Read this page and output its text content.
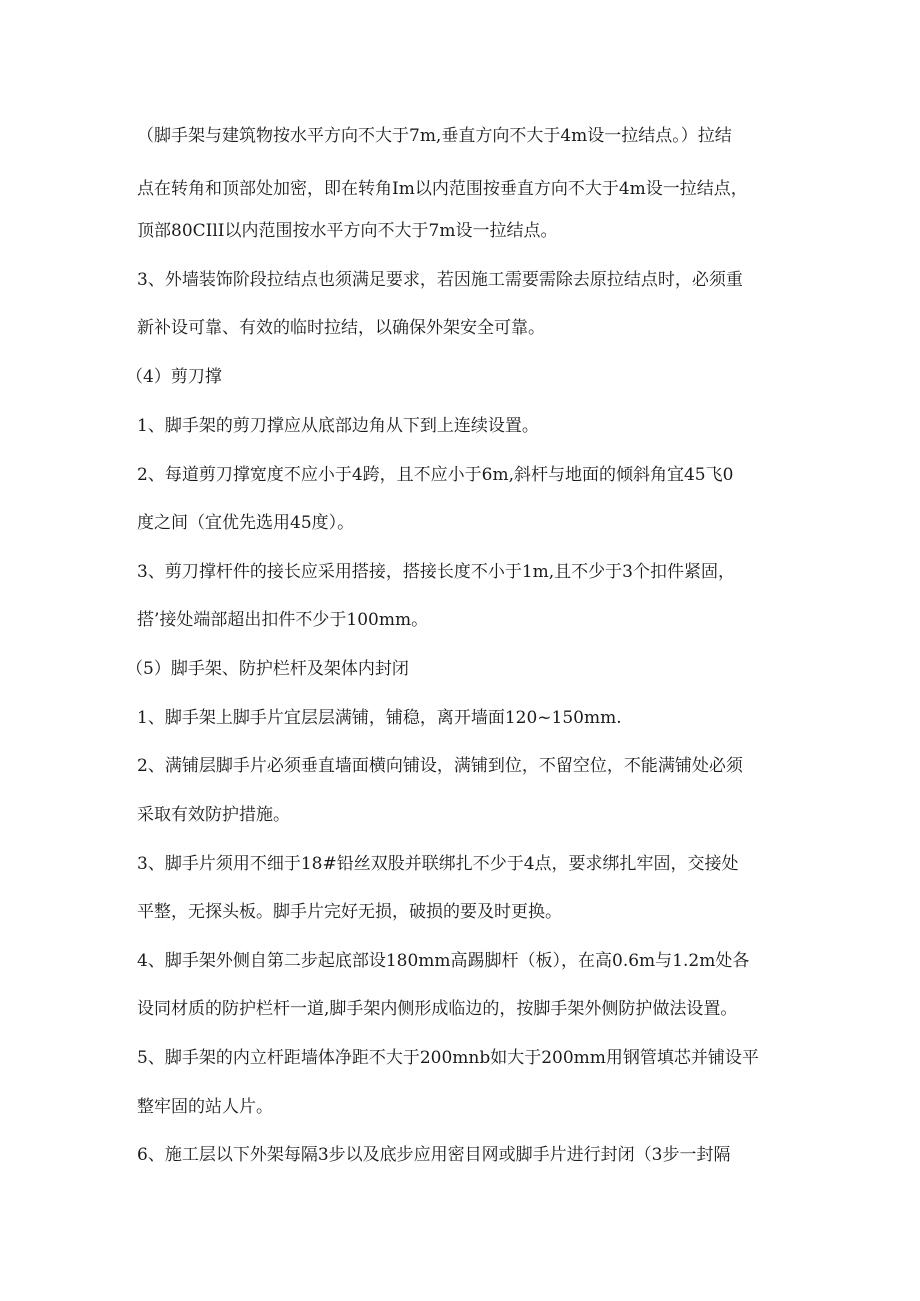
（脚手架与建筑物按水平方向不大于7m,垂直方向不大于4m设一拉结点。）拉结
点在转角和顶部处加密，即在转角Im以内范围按垂直方向不大于4m设一拉结点，
顶部80CIlI以内范围按水平方向不大于7m设一拉结点。
3、外墙装饰阶段拉结点也须满足要求，若因施工需要需除去原拉结点时，必须重
新补设可靠、有效的临时拉结，以确保外架安全可靠。
（4）剪刀撑
1、脚手架的剪刀撑应从底部边角从下到上连续设置。
2、每道剪刀撑宽度不应小于4跨，且不应小于6m,斜杆与地面的倾斜角宜45飞0
度之间（宜优先选用45度）。
3、剪刀撑杆件的接长应采用搭接，搭接长度不小于1m,且不少于3个扣件紧固，
搭’接处端部超出扣件不少于100mm。
（5）脚手架、防护栏杆及架体内封闭
1、脚手架上脚手片宜层层满铺，铺稳，离开墙面120~150mm.
2、满铺层脚手片必须垂直墙面横向铺设，满铺到位，不留空位，不能满铺处必须
采取有效防护措施。
3、脚手片须用不细于18#铅丝双股并联绑扎不少于4点，要求绑扎牢固，交接处
平整，无探头板。脚手片完好无损，破损的要及时更换。
4、脚手架外侧自第二步起底部设180mm高踢脚杆（板），在高0.6m与1.2m处各
设同材质的防护栏杆一道,脚手架内侧形成临边的，按脚手架外侧防护做法设置。
5、脚手架的内立杆距墙体净距不大于200mnb如大于200mm用钢管填芯并铺设平
整牢固的站人片。
6、施工层以下外架每隔3步以及底步应用密目网或脚手片进行封闭（3步一封隔
